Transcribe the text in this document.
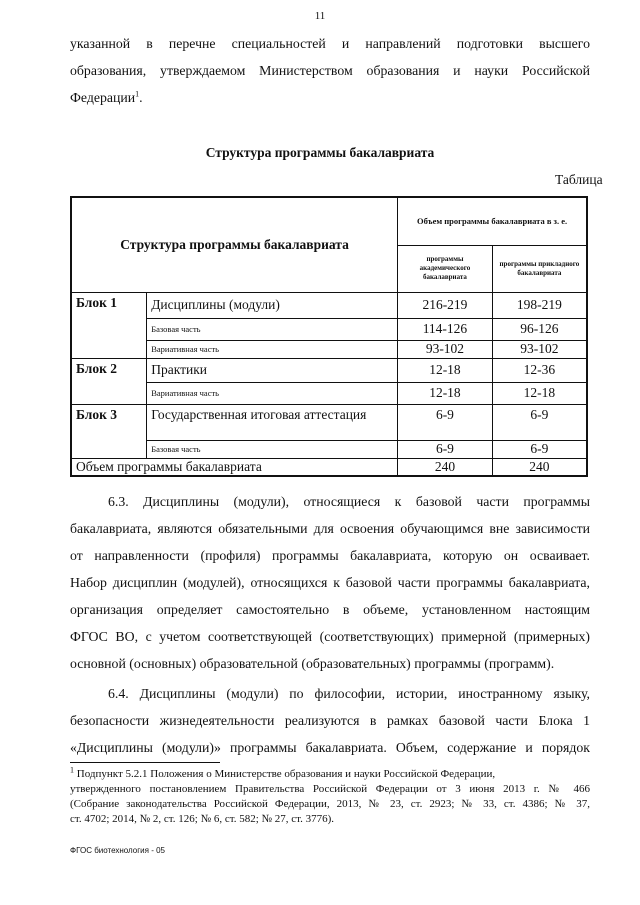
11
указанной в перечне специальностей и направлений подготовки высшего
образования, утверждаемом Министерством образования и науки Российской
Федерации$^1$.
Структура программы бакалавриата
Таблица
Структура программы бакалавриата		Объем программы бакалавриата в з. е.	
		программы академического бакалавриата	программы прикладного бакалавриата
Блок 1	Дисциплины (модули)	216-219	198-219
	Базовая часть	114-126	96-126
	Вариативная часть	93-102	93-102
Блок 2	Практики	12-18	12-36
	Вариативная часть	12-18	12-18
Блок 3	Государственная итоговая аттестация	6-9	6-9
	Базовая часть	6-9	6-9
Объем программы бакалавриата		240	240
6.3. Дисциплины (модули), относящиеся к базовой части программы
бакалавриата, являются обязательными для освоения обучающимся вне зависимости
от направленности (профиля) программы бакалавриата, которую он осваивает.
Набор дисциплин (модулей), относящихся к базовой части программы бакалавриата,
организация определяет самостоятельно в объеме, установленном настоящим
ФГОС ВО, с учетом соответствующей (соответствующих) примерной (примерных)
основной (основных) образовательной (образовательных) программы (программ).
6.4. Дисциплины (модули) по философии, истории, иностранному языку,
безопасности жизнедеятельности реализуются в рамках базовой части Блока 1
«Дисциплины (модули)» программы бакалавриата. Объем, содержание и порядок
$^1$ Подпункт 5.2.1 Положения о Министерстве образования и науки Российской Федерации,
утвержденного постановлением Правительства Российской Федерации от 3 июня 2013 г. № 466
(Собрание законодательства Российской Федерации, 2013, № 23, ст. 2923; № 33, ст. 4386; № 37,
ст. 4702; 2014, № 2, ст. 126; № 6, ст. 582; № 27, ст. 3776).
ФГОС биотехнология - 05
